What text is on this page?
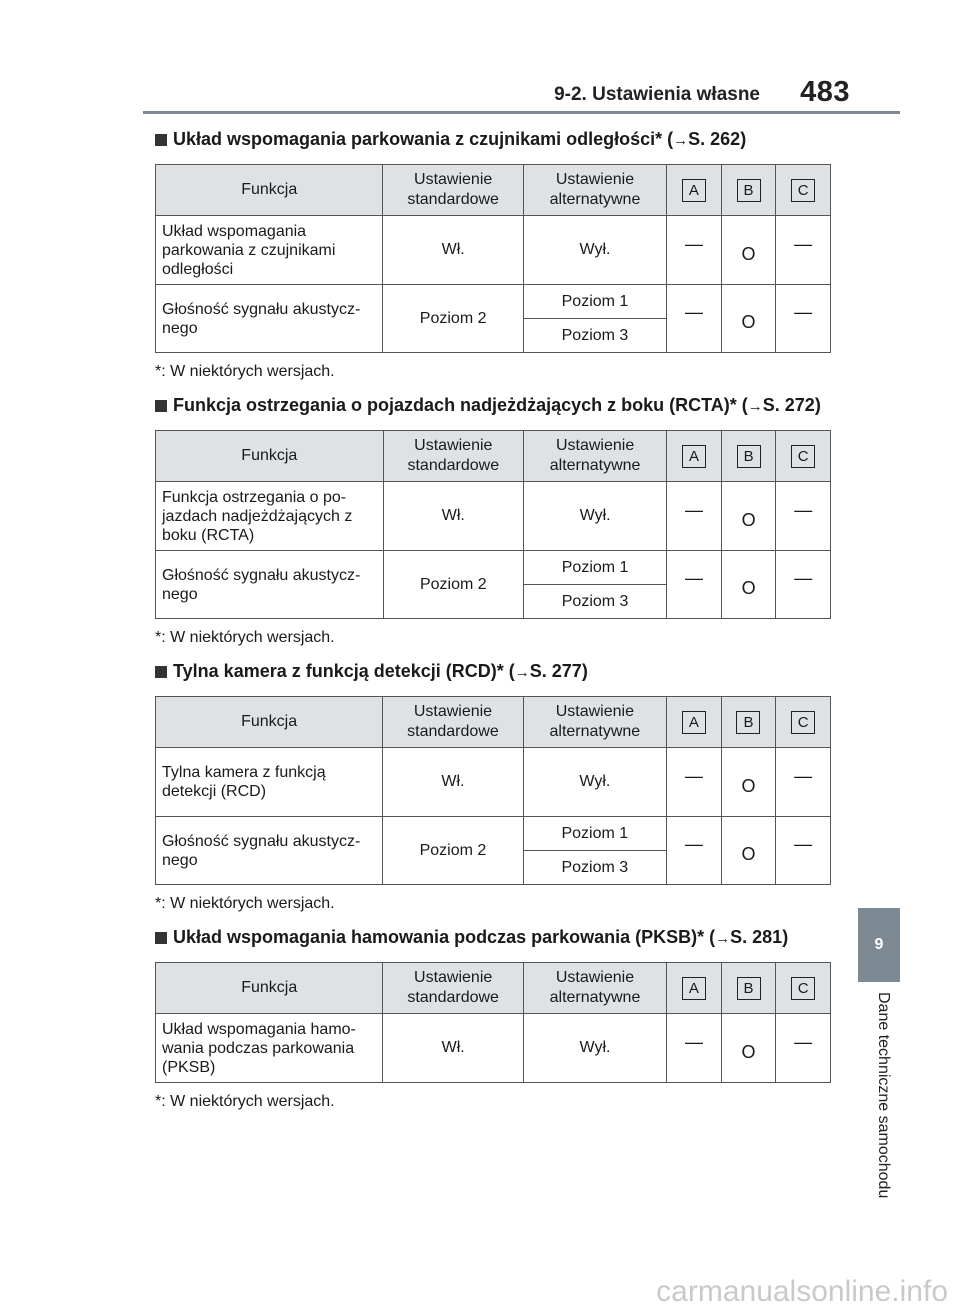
9-2. Ustawienia własne 483
Układ wspomagania parkowania z czujnikami odległości* (→S. 262)
Funkcja	Ustawienie standardowe	Ustawienie alternatywne	A	B	C
Układ wspomagania parkowania z czujnikami odległości	Wł.	Wył.	—	O	—
Głośność sygnału akustycz-nego	Poziom 2	Poziom 1	—	O	—
		Poziom 3			
*: W niektórych wersjach.
Funkcja ostrzegania o pojazdach nadjeżdżających z boku (RCTA)* (→S. 272)
Funkcja	Ustawienie standardowe	Ustawienie alternatywne	A	B	C
Funkcja ostrzegania o po-jazdach nadjeżdżających z boku (RCTA)	Wł.	Wył.	—	O	—
Głośność sygnału akustycz-nego	Poziom 2	Poziom 1	—	O	—
		Poziom 3			
*: W niektórych wersjach.
Tylna kamera z funkcją detekcji (RCD)* (→S. 277)
Funkcja	Ustawienie standardowe	Ustawienie alternatywne	A	B	C
Tylna kamera z funkcją detekcji (RCD)	Wł.	Wył.	—	O	—
Głośność sygnału akustycz-nego	Poziom 2	Poziom 1	—	O	—
		Poziom 3			
*: W niektórych wersjach.
Układ wspomagania hamowania podczas parkowania (PKSB)* (→S. 281)
Funkcja	Ustawienie standardowe	Ustawienie alternatywne	A	B	C
Układ wspomagania hamo-wania podczas parkowania (PKSB)	Wł.	Wył.	—	O	—
*: W niektórych wersjach.
9
Dane techniczne samochodu
carmanualsonline.info
